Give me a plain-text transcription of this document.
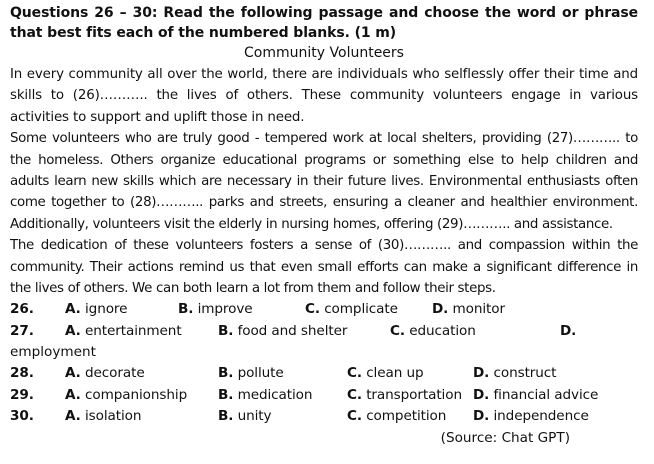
Questions 26 – 30: Read the following passage and choose the word or phrase that best fits each of the numbered blanks. (1 m)
Community Volunteers
In every community all over the world, there are individuals who selflessly offer their time and skills to (26)……….. the lives of others. These community volunteers engage in various activities to support and uplift those in need.
Some volunteers who are truly good - tempered work at local shelters, providing (27)……….. to the homeless. Others organize educational programs or something else to help children and adults learn new skills which are necessary in their future lives. Environmental enthusiasts often come together to (28)……….. parks and streets, ensuring a cleaner and healthier environment. Additionally, volunteers visit the elderly in nursing homes, offering (29)……….. and assistance.
The dedication of these volunteers fosters a sense of (30)……….. and compassion within the community. Their actions remind us that even small efforts can make a significant difference in the lives of others. We can both learn a lot from them and follow their steps.
26.	A. ignore	B. improve	C. complicate	D. monitor
27.	A. entertainment	B. food and shelter	C. education	D.
employment
28.	A. decorate	B. pollute	C. clean up	D. construct
29.	A. companionship	B. medication	C. transportation D. financial advice
30.	A. isolation	B. unity	C. competition	D. independence
(Source: Chat GPT)
